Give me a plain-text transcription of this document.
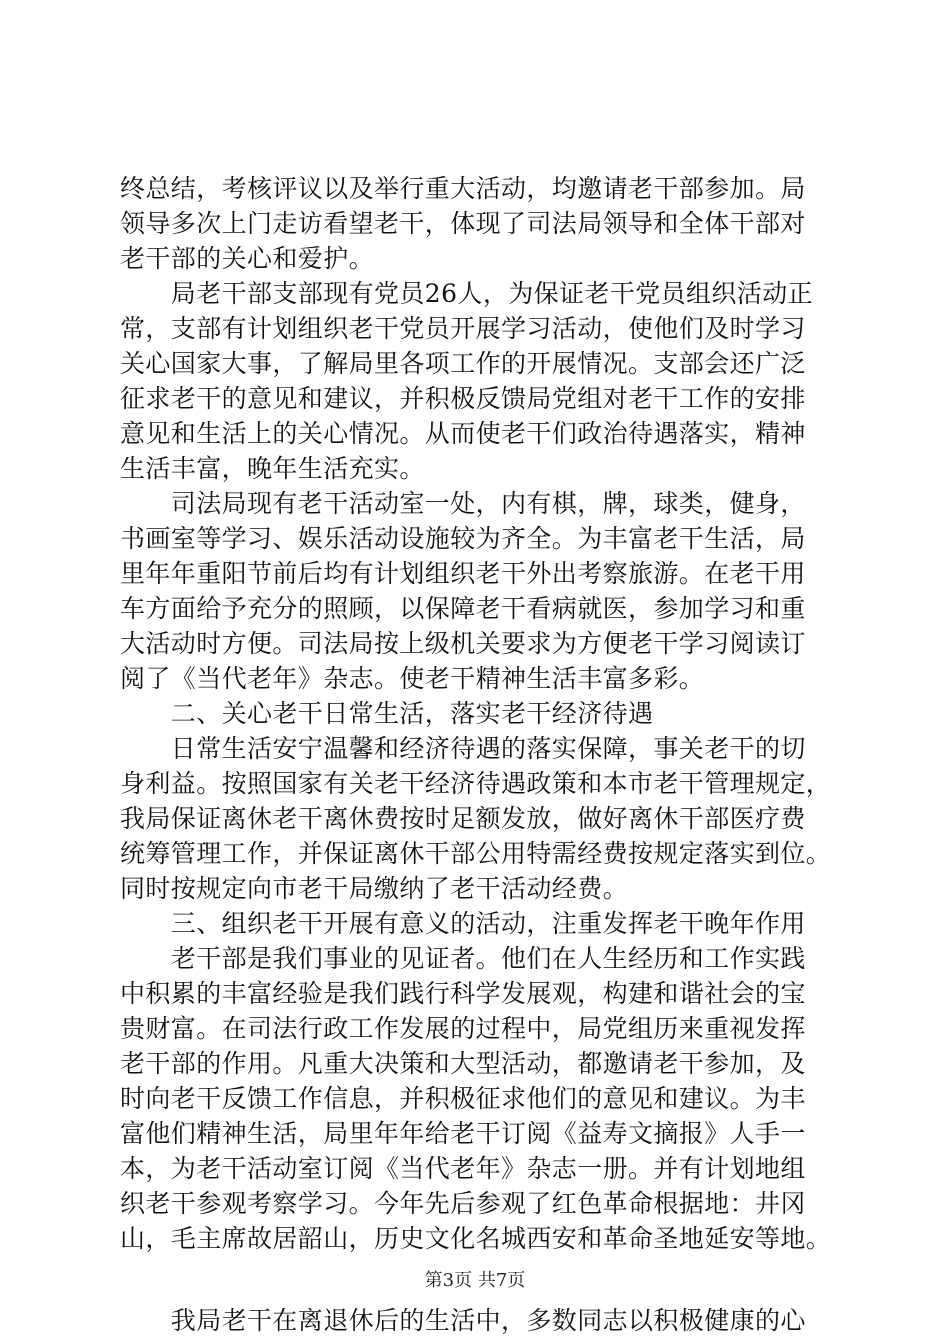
终总结，考核评议以及举行重大活动，均邀请老干部参加。局
领导多次上门走访看望老干，体现了司法局领导和全体干部对
老干部的关心和爱护。
　　局老干部支部现有党员26人，为保证老干党员组织活动正
常，支部有计划组织老干党员开展学习活动，使他们及时学习
关心国家大事，了解局里各项工作的开展情况。支部会还广泛
征求老干的意见和建议，并积极反馈局党组对老干工作的安排
意见和生活上的关心情况。从而使老干们政治待遇落实，精神
生活丰富，晚年生活充实。
　　司法局现有老干活动室一处，内有棋，牌，球类，健身，
书画室等学习、娱乐活动设施较为齐全。为丰富老干生活，局
里年年重阳节前后均有计划组织老干外出考察旅游。在老干用
车方面给予充分的照顾，以保障老干看病就医，参加学习和重
大活动时方便。司法局按上级机关要求为方便老干学习阅读订
阅了《当代老年》杂志。使老干精神生活丰富多彩。
　　二、关心老干日常生活，落实老干经济待遇
　　日常生活安宁温馨和经济待遇的落实保障，事关老干的切
身利益。按照国家有关老干经济待遇政策和本市老干管理规定，
我局保证离休老干离休费按时足额发放，做好离休干部医疗费
统筹管理工作，并保证离休干部公用特需经费按规定落实到位。
同时按规定向市老干局缴纳了老干活动经费。
　　三、组织老干开展有意义的活动，注重发挥老干晚年作用
　　老干部是我们事业的见证者。他们在人生经历和工作实践
中积累的丰富经验是我们践行科学发展观，构建和谐社会的宝
贵财富。在司法行政工作发展的过程中，局党组历来重视发挥
老干部的作用。凡重大决策和大型活动，都邀请老干参加，及
时向老干反馈工作信息，并积极征求他们的意见和建议。为丰
富他们精神生活，局里年年给老干订阅《益寿文摘报》人手一
本，为老干活动室订阅《当代老年》杂志一册。并有计划地组
织老干参观考察学习。今年先后参观了红色革命根据地：井冈
山，毛主席故居韶山，历史文化名城西安和革命圣地延安等地。
　　我局老干在离退休后的生活中，多数同志以积极健康的心
第3页 共7页
